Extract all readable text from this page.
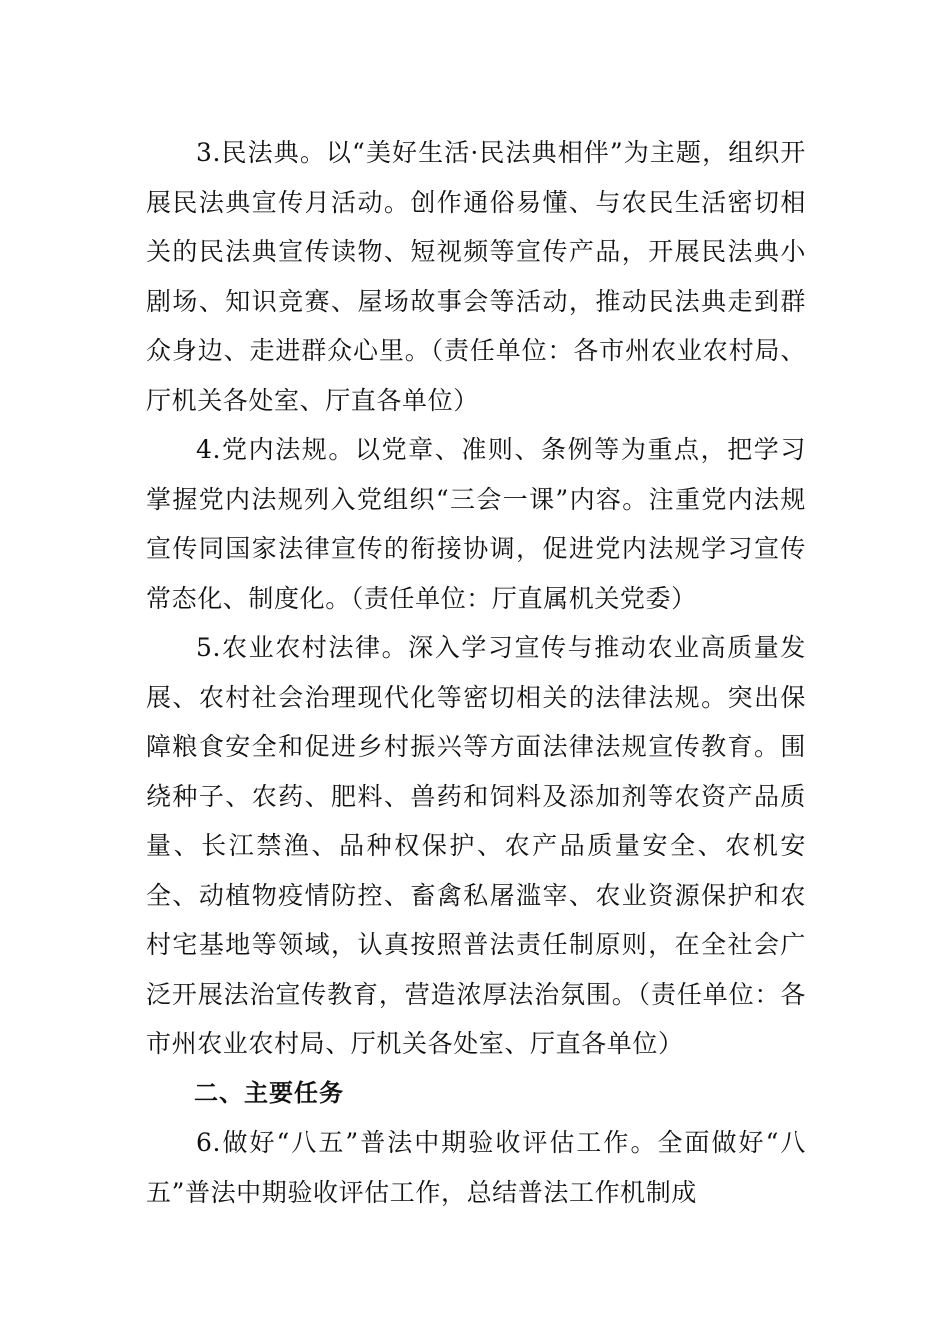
3.民法典。以“美好生活·民法典相伴”为主题，组织开展民法典宣传月活动。创作通俗易懂、与农民生活密切相关的民法典宣传读物、短视频等宣传产品，开展民法典小剧场、知识竞赛、屋场故事会等活动，推动民法典走到群众身边、走进群众心里。（责任单位：各市州农业农村局、厅机关各处室、厅直各单位）

4.党内法规。以党章、准则、条例等为重点，把学习掌握党内法规列入党组织“三会一课”内容。注重党内法规宣传同国家法律宣传的衔接协调，促进党内法规学习宣传常态化、制度化。（责任单位：厅直属机关党委）

5.农业农村法律。深入学习宣传与推动农业高质量发展、农村社会治理现代化等密切相关的法律法规。突出保障粮食安全和促进乡村振兴等方面法律法规宣传教育。围绕种子、农药、肥料、兽药和饲料及添加剂等农资产品质量、长江禁渔、品种权保护、农产品质量安全、农机安全、动植物疫情防控、畜禽私屠滥宰、农业资源保护和农村宅基地等领域，认真按照普法责任制原则，在全社会广泛开展法治宣传教育，营造浓厚法治氛围。（责任单位：各市州农业农村局、厅机关各处室、厅直各单位）

二、主要任务

6.做好“八五”普法中期验收评估工作。全面做好“八五”普法中期验收评估工作，总结普法工作机制成
